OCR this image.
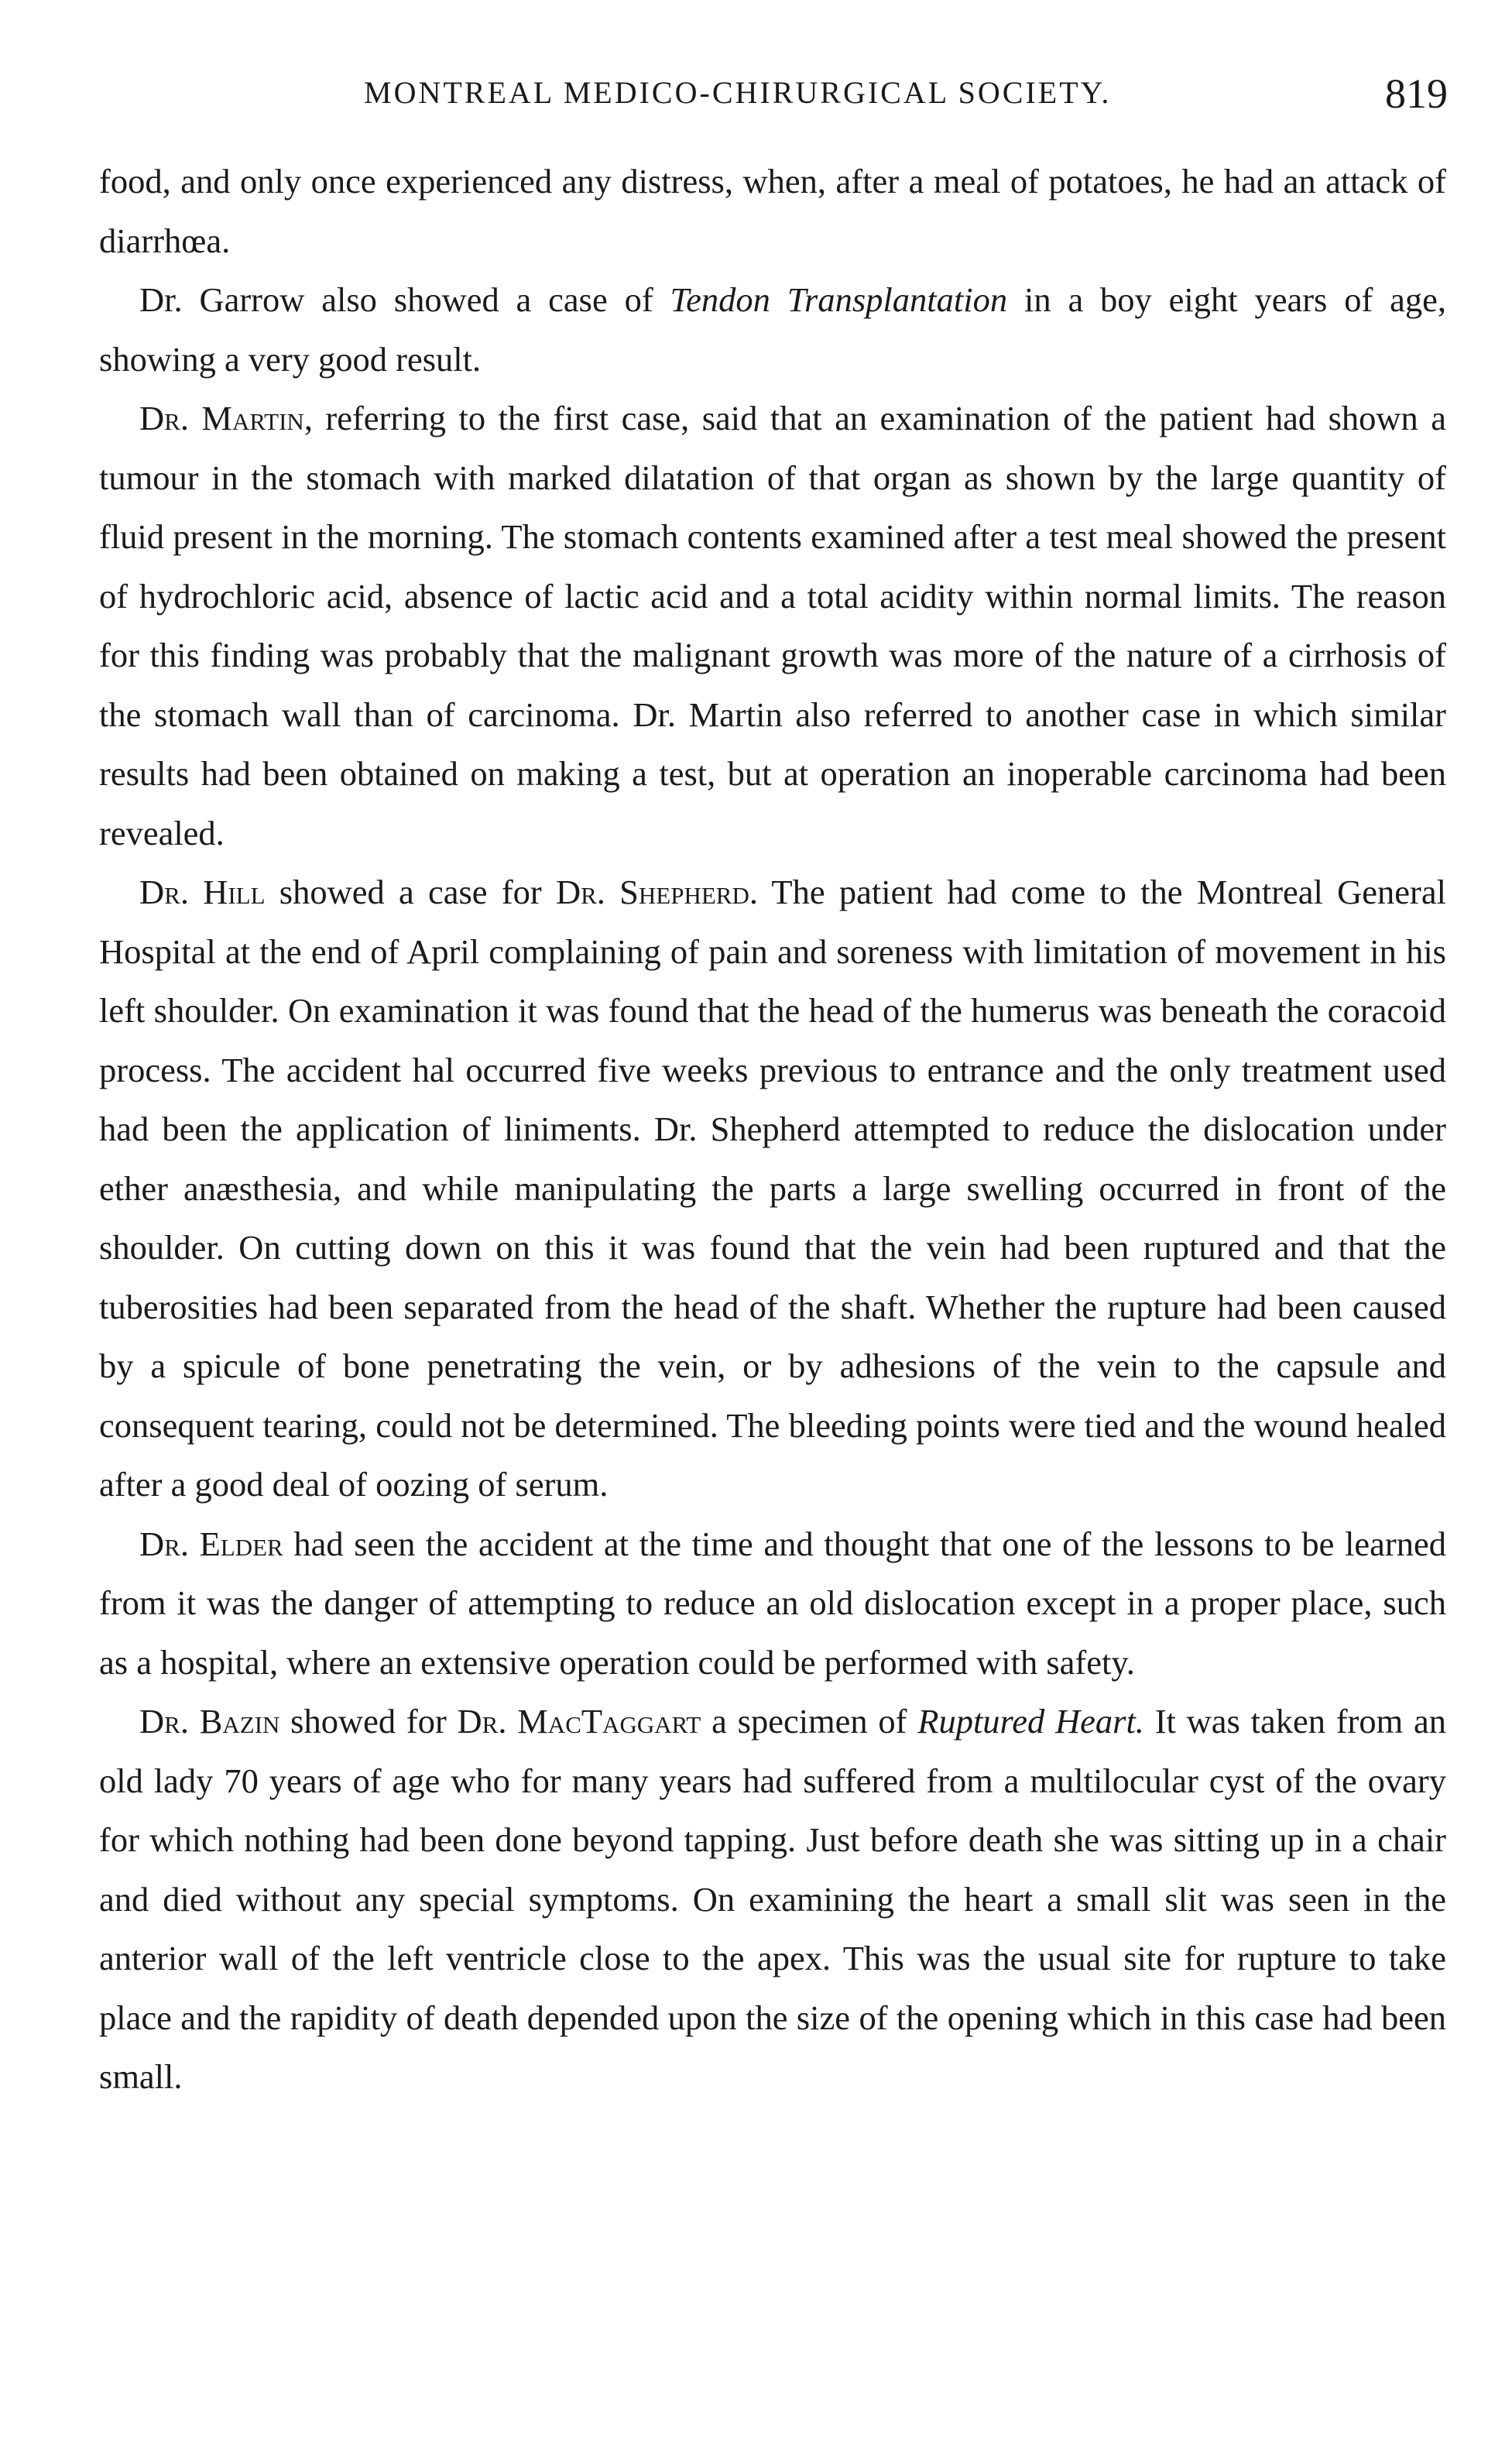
MONTREAL MEDICO-CHIRURGICAL SOCIETY.	819

food, and only once experienced any distress, when, after a meal of potatoes, he had an attack of diarrhœa.

Dr. Garrow also showed a case of Tendon Transplantation in a boy eight years of age, showing a very good result.

Dr. Martin, referring to the first case, said that an examination of the patient had shown a tumour in the stomach with marked dilatation of that organ as shown by the large quantity of fluid present in the morning. The stomach contents examined after a test meal showed the present of hydrochloric acid, absence of lactic acid and a total acidity within normal limits. The reason for this finding was probably that the malignant growth was more of the nature of a cirrhosis of the stomach wall than of carcinoma. Dr. Martin also referred to another case in which similar results had been obtained on making a test, but at operation an inoperable carcinoma had been revealed.

Dr. Hill showed a case for Dr. Shepherd. The patient had come to the Montreal General Hospital at the end of April complaining of pain and soreness with limitation of movement in his left shoulder. On examination it was found that the head of the humerus was beneath the coracoid process. The accident hal occurred five weeks previous to entrance and the only treatment used had been the application of liniments. Dr. Shepherd attempted to reduce the dislocation under ether anæsthesia, and while manipulating the parts a large swelling occurred in front of the shoulder. On cutting down on this it was found that the vein had been ruptured and that the tuberosities had been separated from the head of the shaft. Whether the rupture had been caused by a spicule of bone penetrating the vein, or by adhesions of the vein to the capsule and consequent tearing, could not be determined. The bleeding points were tied and the wound healed after a good deal of oozing of serum.

Dr. Elder had seen the accident at the time and thought that one of the lessons to be learned from it was the danger of attempting to reduce an old dislocation except in a proper place, such as a hospital, where an extensive operation could be performed with safety.

Dr. Bazin showed for Dr. MacTaggart a specimen of Ruptured Heart. It was taken from an old lady 70 years of age who for many years had suffered from a multilocular cyst of the ovary for which nothing had been done beyond tapping. Just before death she was sitting up in a chair and died without any special symptoms. On examining the heart a small slit was seen in the anterior wall of the left ventricle close to the apex. This was the usual site for rupture to take place and the rapidity of death depended upon the size of the opening which in this case had been small.
